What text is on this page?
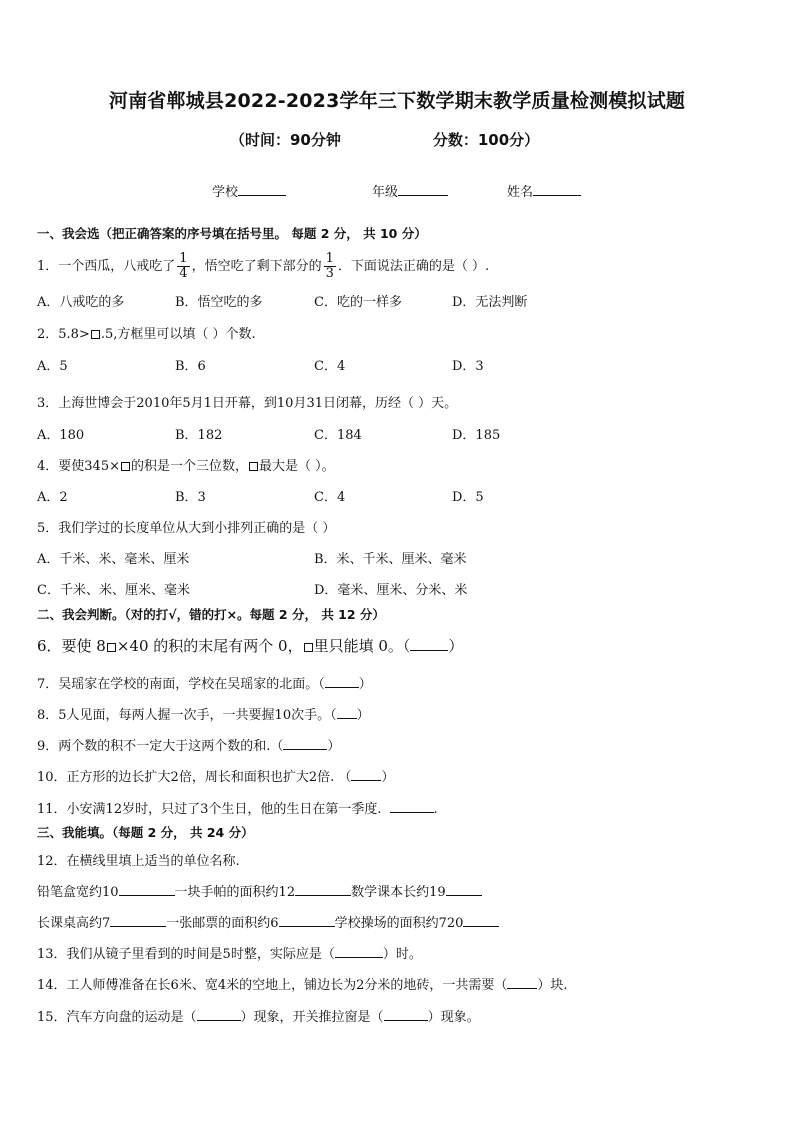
河南省郸城县2022-2023学年三下数学期末教学质量检测模拟试题
（时间：90分钟	分数：100分）
学校	年级	姓名
一、我会选（把正确答案的序号填在括号里。 每题 2 分， 共 10 分）
1．一个西瓜，八戒吃了 $\frac{1}{4}$ ，悟空吃了剩下部分的 $\frac{1}{3}$ ．下面说法正确的是（ ）.
A．八戒吃的多	B．悟空吃的多	C．吃的一样多	D．无法判断
2．5.8> .5,方框里可以填（ ）个数.
A．5	B．6	C．4	D．3
3．上海世博会于2010年5月1日开幕，到10月31日闭幕，历经（ ）天。
A．180	B．182	C．184	D．185
4．要使345× 的积是一个三位数， 最大是（ ）。
A．2	B．3	C．4	D．5
5．我们学过的长度单位从大到小排列正确的是（ ）
A．千米、米、毫米、厘米	B．米、千米、厘米、毫米
C．千米、米、厘米、毫米	D．毫米、厘米、分米、米
二、我会判断。（对的打√，错的打×。每题 2 分， 共 12 分）
6．要使 8 ×40 的积的末尾有两个 0， 里只能填 0。（	）
7．吴瑶家在学校的南面，学校在吴瑶家的北面。（	）
8．5人见面，每两人握一次手，一共要握10次手。（ ）
9．两个数的积不一定大于这两个数的和.（	）
10．正方形的边长扩大2倍，周长和面积也扩大2倍. （ ）
11．小安满12岁时，只过了3个生日，他的生日在第一季度.	.
三、我能填。（每题 2 分， 共 24 分）
12．在横线里填上适当的单位名称.
铅笔盒宽约10	一块手帕的面积约12	数学课本长约19
长课桌高约7	一张邮票的面积约6	学校操场的面积约720
13．我们从镜子里看到的时间是5时整，实际应是（	）时。
14．工人师傅准备在长6米、宽4米的空地上，铺边长为2分米的地砖，一共需要（ ）块.
15．汽车方向盘的运动是（	）现象，开关推拉窗是（	）现象。
